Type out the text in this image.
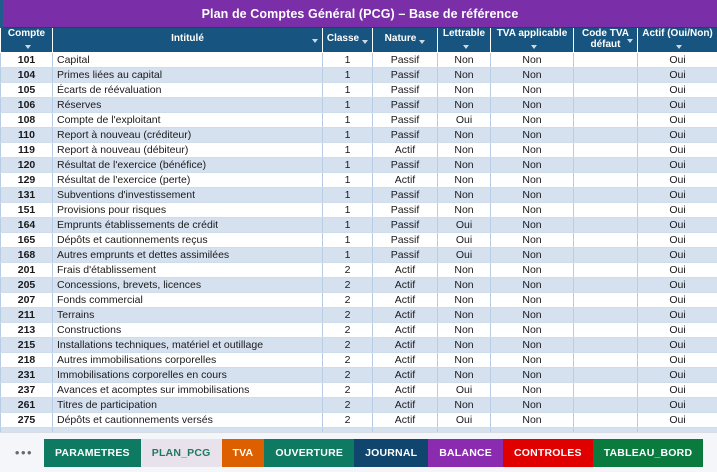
Plan de Comptes Général (PCG) – Base de référence
Compte	Intitulé	Classe	Nature	Lettrable	TVA applicable	Code TVA défaut	Actif (Oui/Non)
101	Capital	1	Passif	Non	Non		Oui
104	Primes liées au capital	1	Passif	Non	Non		Oui
105	Écarts de réévaluation	1	Passif	Non	Non		Oui
106	Réserves	1	Passif	Non	Non		Oui
108	Compte de l'exploitant	1	Passif	Oui	Non		Oui
110	Report à nouveau (créditeur)	1	Passif	Non	Non		Oui
119	Report à nouveau (débiteur)	1	Actif	Non	Non		Oui
120	Résultat de l'exercice (bénéfice)	1	Passif	Non	Non		Oui
129	Résultat de l'exercice (perte)	1	Actif	Non	Non		Oui
131	Subventions d'investissement	1	Passif	Non	Non		Oui
151	Provisions pour risques	1	Passif	Non	Non		Oui
164	Emprunts établissements de crédit	1	Passif	Oui	Non		Oui
165	Dépôts et cautionnements reçus	1	Passif	Oui	Non		Oui
168	Autres emprunts et dettes assimilées	1	Passif	Oui	Non		Oui
201	Frais d'établissement	2	Actif	Non	Non		Oui
205	Concessions, brevets, licences	2	Actif	Non	Non		Oui
207	Fonds commercial	2	Actif	Non	Non		Oui
211	Terrains	2	Actif	Non	Non		Oui
213	Constructions	2	Actif	Non	Non		Oui
215	Installations techniques, matériel et outillage	2	Actif	Non	Non		Oui
218	Autres immobilisations corporelles	2	Actif	Non	Non		Oui
231	Immobilisations corporelles en cours	2	Actif	Non	Non		Oui
237	Avances et acomptes sur immobilisations	2	Actif	Oui	Non		Oui
261	Titres de participation	2	Actif	Non	Non		Oui
275	Dépôts et cautionnements versés	2	Actif	Oui	Non		Oui

•••	PARAMETRES	PLAN_PCG	TVA	OUVERTURE	JOURNAL	BALANCE	CONTROLES	TABLEAU_BORD
